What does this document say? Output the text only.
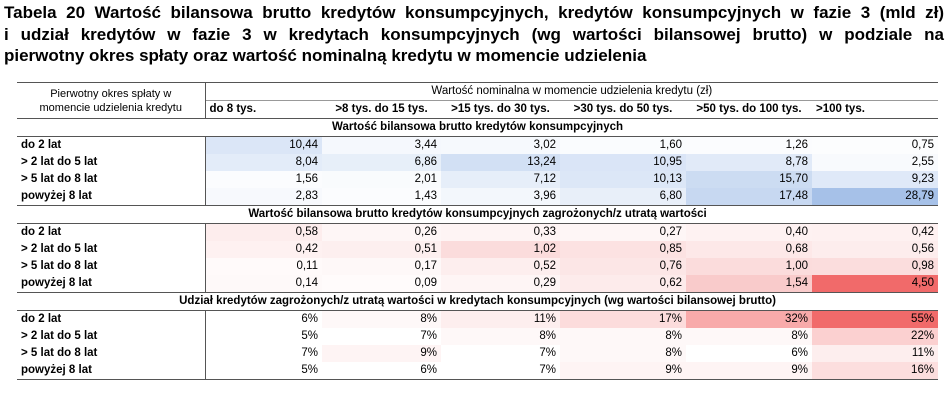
Tabela 20 Wartość bilansowa brutto kredytów konsumpcyjnych, kredytów konsumpcyjnych w fazie 3 (mld zł)
i udział kredytów w fazie 3 w kredytach konsumpcyjnych (wg wartości bilansowej brutto) w podziale na
pierwotny okres spłaty oraz wartość nominalną kredytu w momencie udzielenia
Pierwotny okres spłaty w
momencie udzielenia kredytu	Wartość nominalna w momencie udzielenia kredytu (zł)					
	do 8 tys.	>8 tys. do 15 tys.	>15 tys. do 30 tys.	>30 tys. do 50 tys.	>50 tys. do 100 tys.	>100 tys.
Wartość bilansowa brutto kredytów konsumpcyjnych						
do 2 lat	10,44	3,44	3,02	1,60	1,26	0,75
> 2 lat do 5 lat	8,04	6,86	13,24	10,95	8,78	2,55
> 5 lat do 8 lat	1,56	2,01	7,12	10,13	15,70	9,23
powyżej 8 lat	2,83	1,43	3,96	6,80	17,48	28,79
Wartość bilansowa brutto kredytów konsumpcyjnych zagrożonych/z utratą wartości						
do 2 lat	0,58	0,26	0,33	0,27	0,40	0,42
> 2 lat do 5 lat	0,42	0,51	1,02	0,85	0,68	0,56
> 5 lat do 8 lat	0,11	0,17	0,52	0,76	1,00	0,98
powyżej 8 lat	0,14	0,09	0,29	0,62	1,54	4,50
Udział kredytów zagrożonych/z utratą wartości w kredytach konsumpcyjnych (wg wartości bilansowej brutto)						
do 2 lat	6%	8%	11%	17%	32%	55%
> 2 lat do 5 lat	5%	7%	8%	8%	8%	22%
> 5 lat do 8 lat	7%	9%	7%	8%	6%	11%
powyżej 8 lat	5%	6%	7%	9%	9%	16%
